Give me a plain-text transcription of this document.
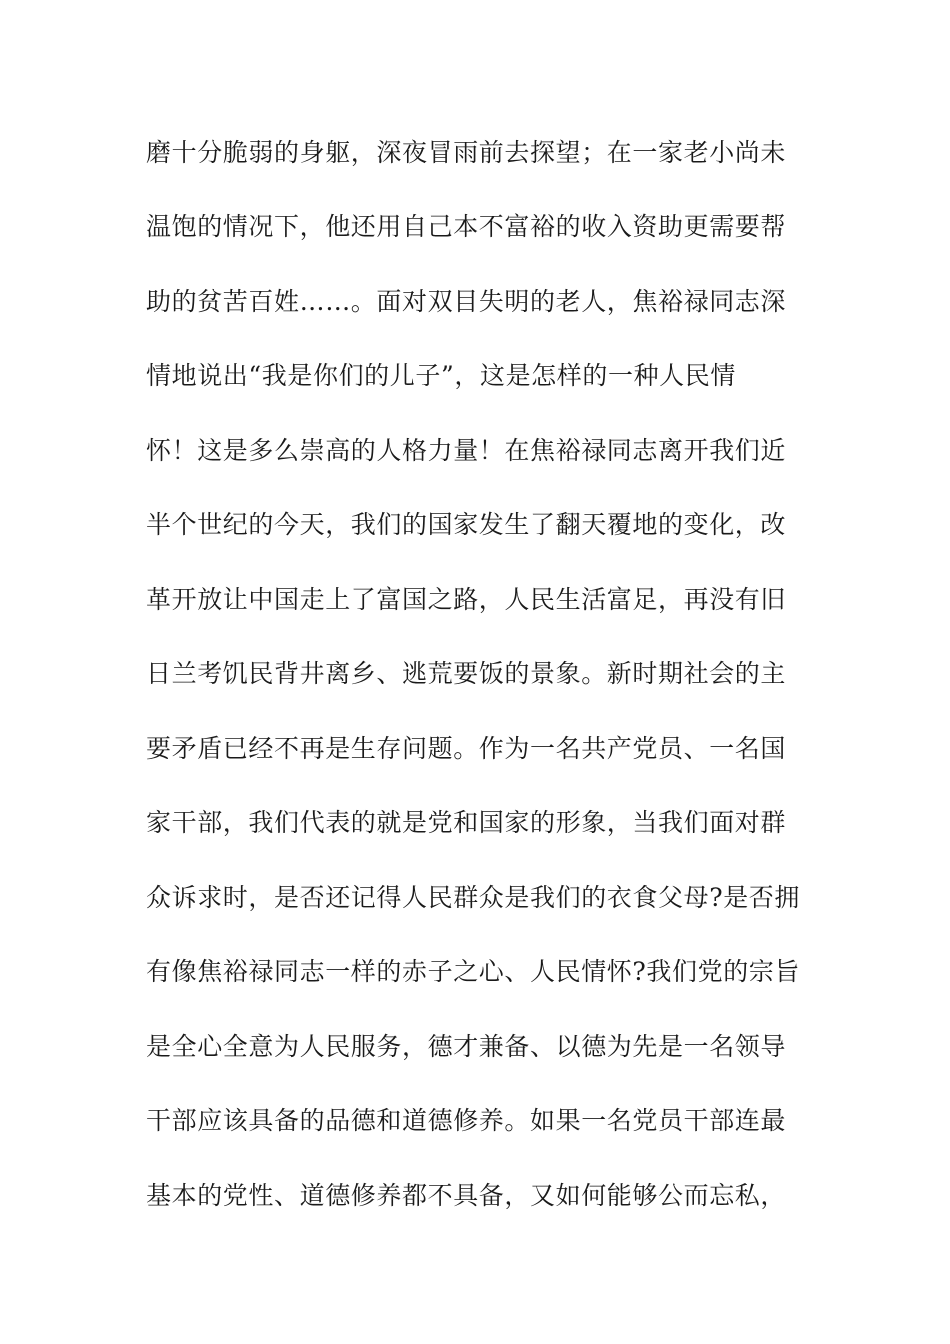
磨十分脆弱的身躯，深夜冒雨前去探望；在一家老小尚未
温饱的情况下，他还用自己本不富裕的收入资助更需要帮
助的贫苦百姓……。面对双目失明的老人，焦裕禄同志深
情地说出“我是你们的儿子”，这是怎样的一种人民情
怀！这是多么崇高的人格力量！在焦裕禄同志离开我们近
半个世纪的今天，我们的国家发生了翻天覆地的变化，改
革开放让中国走上了富国之路，人民生活富足，再没有旧
日兰考饥民背井离乡、逃荒要饭的景象。新时期社会的主
要矛盾已经不再是生存问题。作为一名共产党员、一名国
家干部，我们代表的就是党和国家的形象，当我们面对群
众诉求时，是否还记得人民群众是我们的衣食父母?是否拥
有像焦裕禄同志一样的赤子之心、人民情怀?我们党的宗旨
是全心全意为人民服务，德才兼备、以德为先是一名领导
干部应该具备的品德和道德修养。如果一名党员干部连最
基本的党性、道德修养都不具备，又如何能够公而忘私，
